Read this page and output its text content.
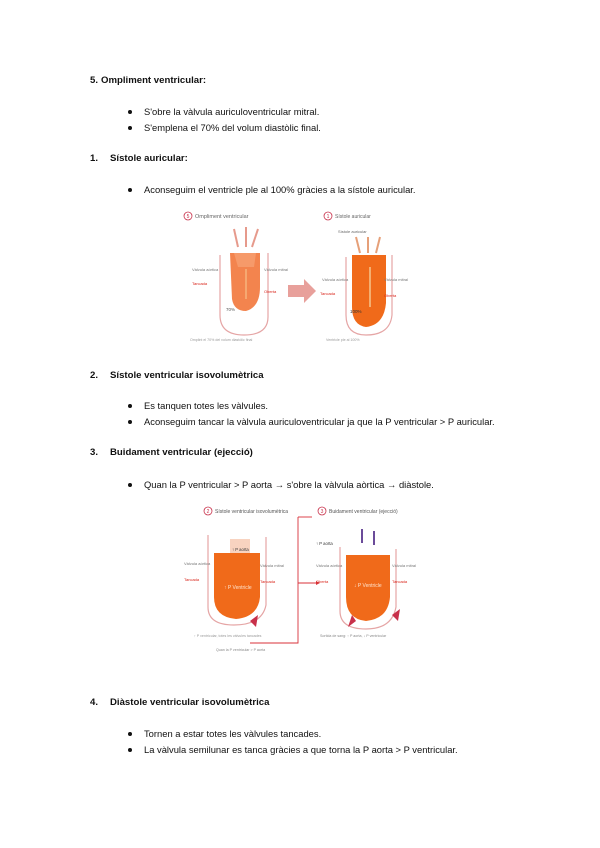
5. Ompliment ventricular:
S'obre la vàlvula auriculoventricular mitral.
S'emplena el 70% del volum diastòlic final.
1. Sístole auricular:
Aconseguim el ventricle ple al 100% gràcies a la sístole auricular.
5 Ompliment ventricular
Vàlvula aòrtica
Tancada
Vàlvula mitral
Oberta
70%
Omplint el 70% del volum diastòlic final
1 Sístole auricular
Sístole auricular
Vàlvula aòrtica
Tancada
Vàlvula mitral
Oberta
100%
Ventricle ple al 100%
2. Sístole ventricular isovolumètrica
Es tanquen totes les vàlvules.
Aconseguim tancar la vàlvula auriculoventricular ja que la P ventricular > P auricular.
3. Buidament ventricular (ejecció)
Quan la P ventricular > P aorta → s'obre la vàlvula aòrtica → diàstole.
2 Sístole ventricular isovolumètrica
↑ P aorta
Vàlvula aòrtica
Tancada
Vàlvula mitral
Tancada
↑ P Ventricle
↑ P ventricular, totes les vàlvules tancades
Quan la P ventricular > P aorta
3 Buidament ventricular (ejecció)
↑ P aorta
↓ P Ventricle
Vàlvula aòrtica
Oberta
Vàlvula mitral
Tancada
Sortida de sang: ↑ P aorta, ↓ P ventricular
4. Diàstole ventricular isovolumètrica
Tornen a estar totes les vàlvules tancades.
La vàlvula semilunar es tanca gràcies a que torna la P aorta > P ventricular.
